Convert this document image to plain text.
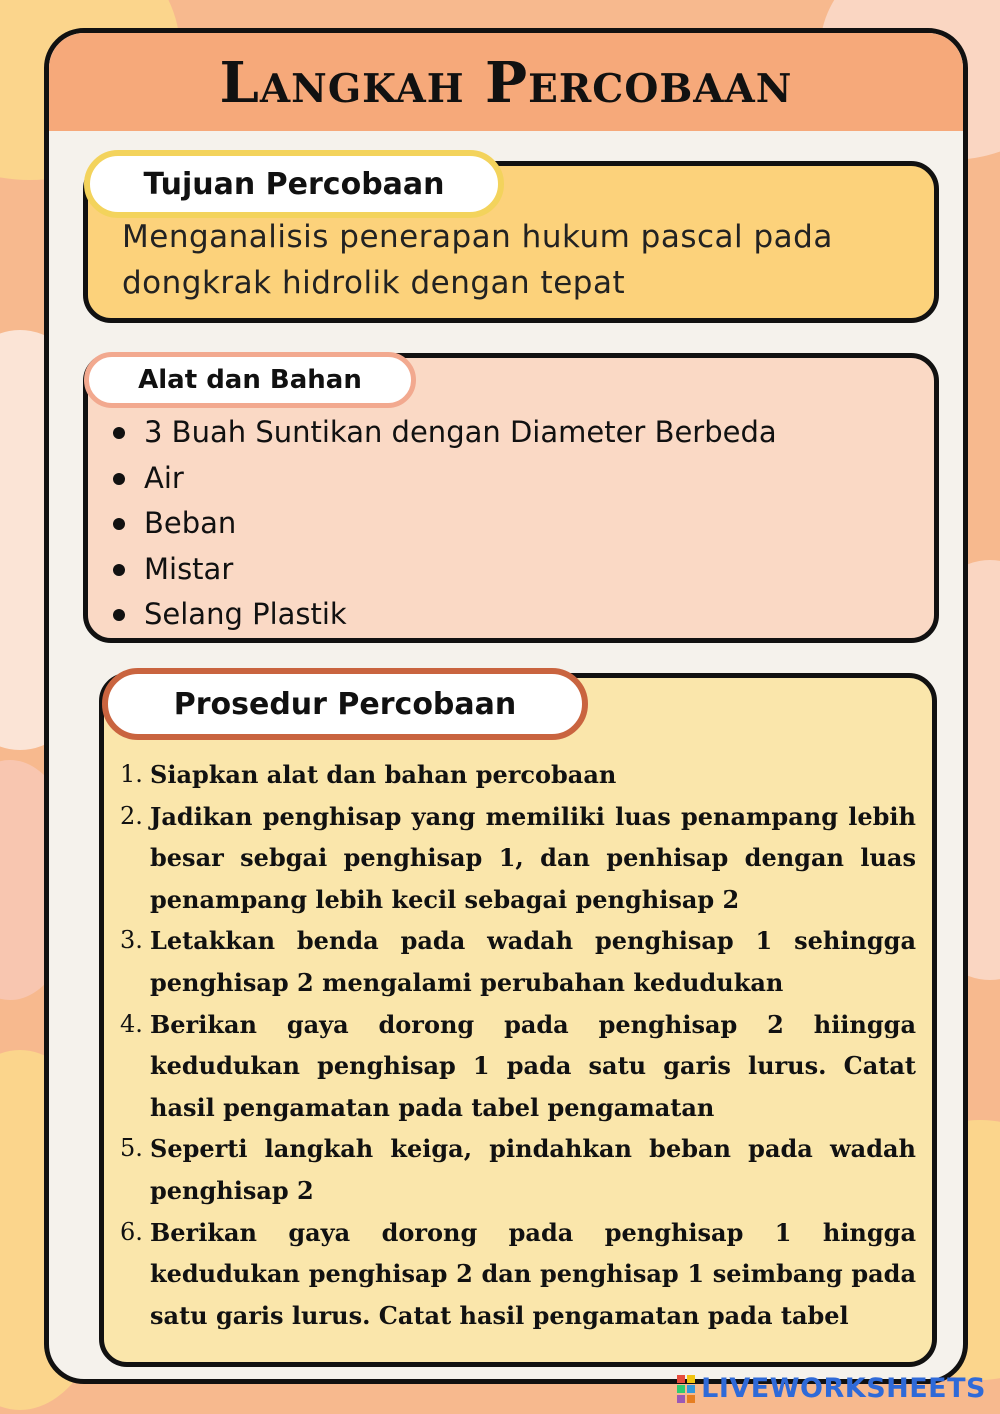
Langkah Percobaan
Tujuan Percobaan
Menganalisis penerapan hukum pascal pada dongkrak hidrolik dengan tepat
Alat dan Bahan
3 Buah Suntikan dengan Diameter Berbeda
Air
Beban
Mistar
Selang Plastik
Prosedur Percobaan
1. Siapkan alat dan bahan percobaan
2. Jadikan penghisap yang memiliki luas penampang lebih besar sebgai penghisap 1, dan penhisap dengan luas penampang lebih kecil sebagai penghisap 2
3. Letakkan benda pada wadah penghisap 1 sehingga penghisap 2 mengalami perubahan kedudukan
4. Berikan gaya dorong pada penghisap 2 hiingga kedudukan penghisap 1 pada satu garis lurus. Catat hasil pengamatan pada tabel pengamatan
5. Seperti langkah keiga, pindahkan beban pada wadah penghisap 2
6. Berikan gaya dorong pada penghisap 1 hingga kedudukan penghisap 2 dan penghisap 1 seimbang pada satu garis lurus. Catat hasil pengamatan pada tabel
LIVEWORKSHEETS
